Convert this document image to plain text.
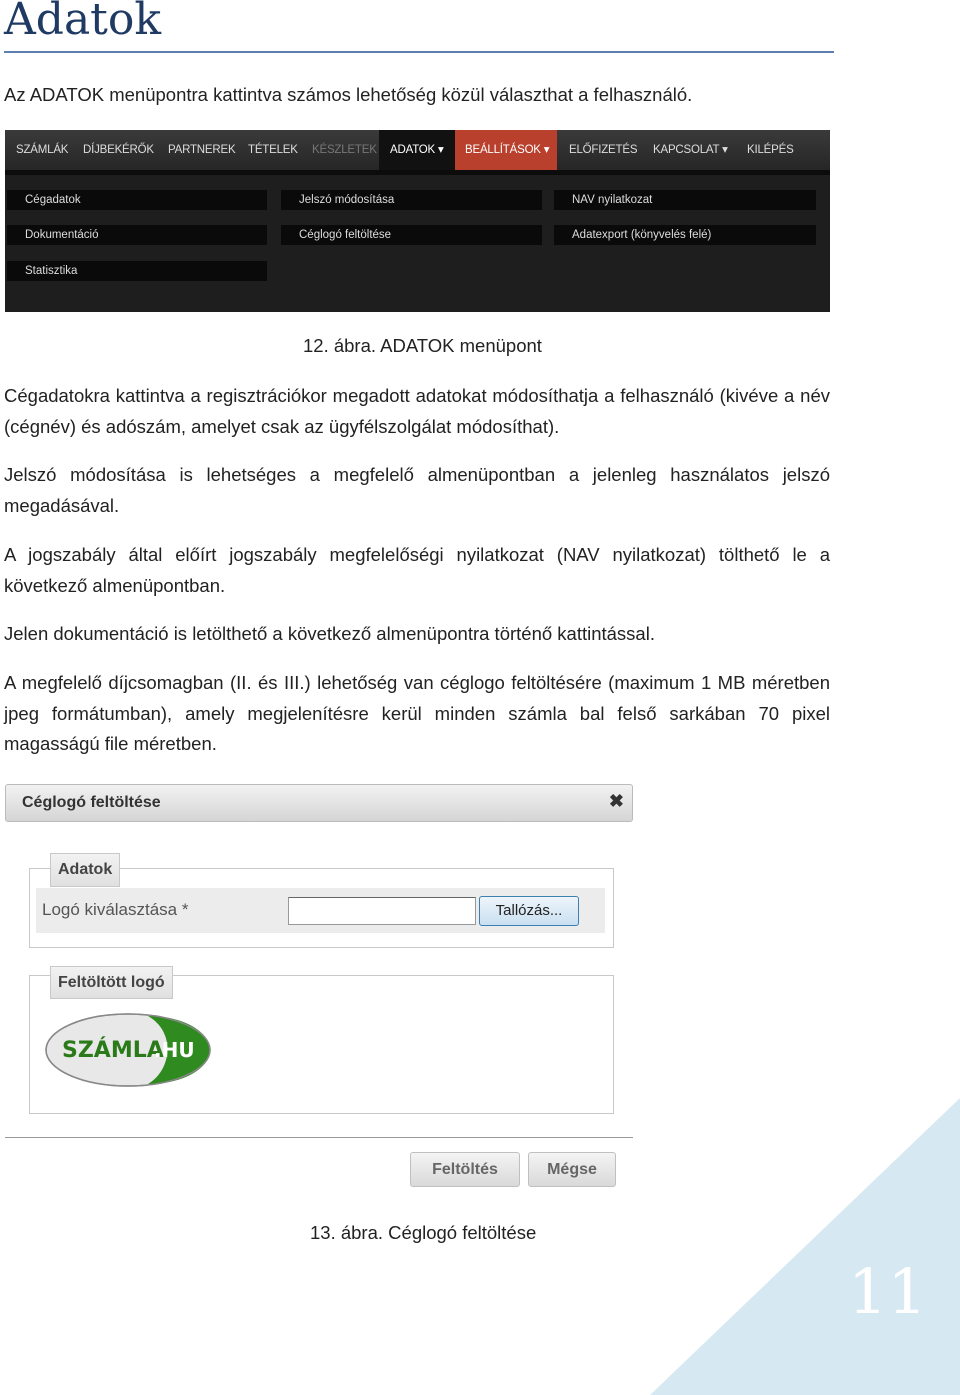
Adatok

Az ADATOK menüpontra kattintva számos lehetőség közül választhat a felhasználó.

SZÁMLÁK DÍJBEKÉRŐK PARTNEREK TÉTELEK KÉSZLETEK	ADATOK ▾	BEÁLLÍTÁSOK ▾	ELŐFIZETÉS KAPCSOLAT ▾ KILÉPÉS
Cégadatok	Jelszó módosítása	NAV nyilatkozat
Dokumentáció	Céglogó feltöltése	Adatexport (könyvelés felé)
Statisztika

12. ábra. ADATOK menüpont

Cégadatokra kattintva a regisztrációkor megadott adatokat módosíthatja a felhasználó (kivéve a név (cégnév) és adószám, amelyet csak az ügyfélszolgálat módosíthat).

Jelszó módosítása is lehetséges a megfelelő almenüpontban a jelenleg használatos jelszó megadásával.

A jogszabály által előírt jogszabály megfelelőségi nyilatkozat (NAV nyilatkozat) tölthető le a következő almenüpontban.

Jelen dokumentáció is letölthető a következő almenüpontra történő kattintással.

A megfelelő díjcsomagban (II. és III.) lehetőség van céglogo feltöltésére (maximum 1 MB méretben jpeg formátumban), amely megjelenítésre kerül minden számla bal felső sarkában 70 pixel magasságú file méretben.

Céglogó feltöltése	✖
Adatok
Logó kiválasztása *	Tallózás...
Feltöltött logó
SZÁMLA
.HU
Feltöltés	Mégse

13. ábra. Céglogó feltöltése

11
